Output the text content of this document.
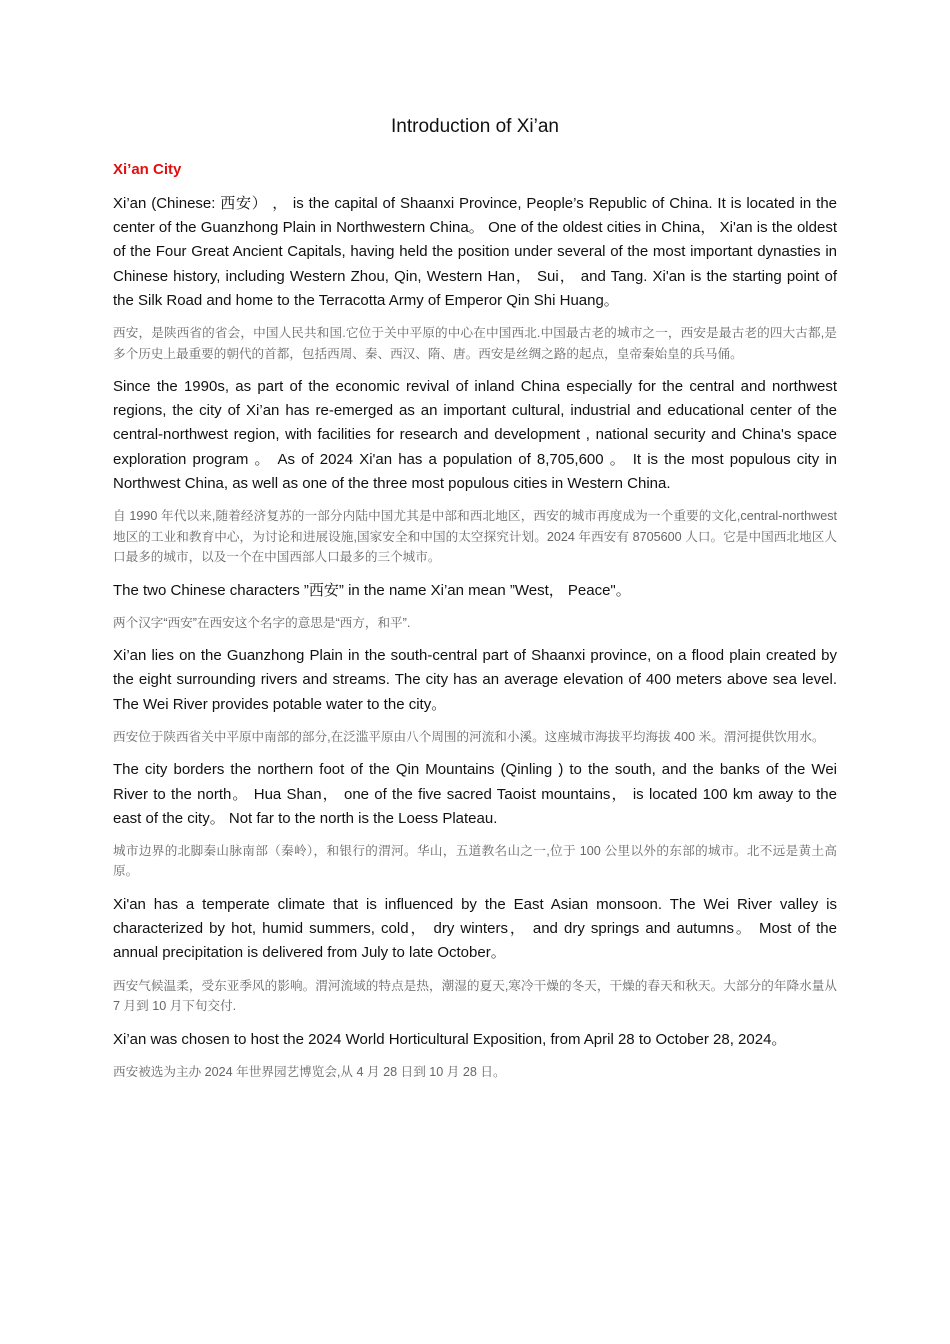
Introduction of Xi’an
Xi’an City

Xi’an (Chinese: 西安） ， is the capital of Shaanxi Province, People’s Republic of China. It is located in the center of the Guanzhong Plain in Northwestern China。 One of the oldest cities in China， Xi'an is the oldest of the Four Great Ancient Capitals, having held the position under several of the most important dynasties in Chinese history, including Western Zhou, Qin, Western Han， Sui， and Tang. Xi'an is the starting point of the Silk Road and home to the Terracotta Army of Emperor Qin Shi Huang。

西安，是陕西省的省会，中国人民共和国.它位于关中平原的中心在中国西北.中国最古老的城市之一，西安是最古老的四大古都,是多个历史上最重要的朝代的首都，包括西周、秦、西汉、隋、唐。西安是丝绸之路的起点，皇帝秦始皇的兵马俑。

Since the 1990s, as part of the economic revival of inland China especially for the central and northwest regions, the city of Xi’an has re-emerged as an important cultural, industrial and educational center of the central-northwest region, with facilities for research and development , national security and China's space exploration program 。 As of 2024 Xi'an has a population of 8,705,600 。 It is the most populous city in Northwest China, as well as one of the three most populous cities in Western China.

自 1990 年代以来,随着经济复苏的一部分内陆中国尤其是中部和西北地区，西安的城市再度成为一个重要的文化,central-northwest 地区的工业和教育中心，为讨论和进展设施,国家安全和中国的太空探究计划。2024 年西安有 8705600 人口。它是中国西北地区人口最多的城市，以及一个在中国西部人口最多的三个城市。

The two Chinese characters ”西安” in the name Xi’an mean ”West， Peace"。

两个汉字“西安”在西安这个名字的意思是“西方，和平”.

Xi’an lies on the Guanzhong Plain in the south-central part of Shaanxi province, on a flood plain created by the eight surrounding rivers and streams. The city has an average elevation of 400 meters above sea level. The Wei River provides potable water to the city。

西安位于陕西省关中平原中南部的部分,在泛滥平原由八个周围的河流和小溪。这座城市海拔平均海拔 400 米。渭河提供饮用水。

The city borders the northern foot of the Qin Mountains (Qinling ) to the south, and the banks of the Wei River to the north。 Hua Shan， one of the five sacred Taoist mountains， is located 100 km away to the east of the city。 Not far to the north is the Loess Plateau.

城市边界的北脚秦山脉南部（秦岭），和银行的渭河。华山，五道教名山之一,位于 100 公里以外的东部的城市。北不远是黄土高原。

Xi'an has a temperate climate that is influenced by the East Asian monsoon. The Wei River valley is characterized by hot, humid summers, cold， dry winters， and dry springs and autumns。 Most of the annual precipitation is delivered from July to late October。

西安气候温柔，受东亚季风的影响。渭河流域的特点是热，潮湿的夏天,寒冷干燥的冬天，干燥的春天和秋天。大部分的年降水量从 7 月到 10 月下旬交付.

Xi’an was chosen to host the 2024 World Horticultural Exposition, from April 28 to October 28, 2024。

西安被选为主办 2024 年世界园艺博览会,从 4 月 28 日到 10 月 28 日。
